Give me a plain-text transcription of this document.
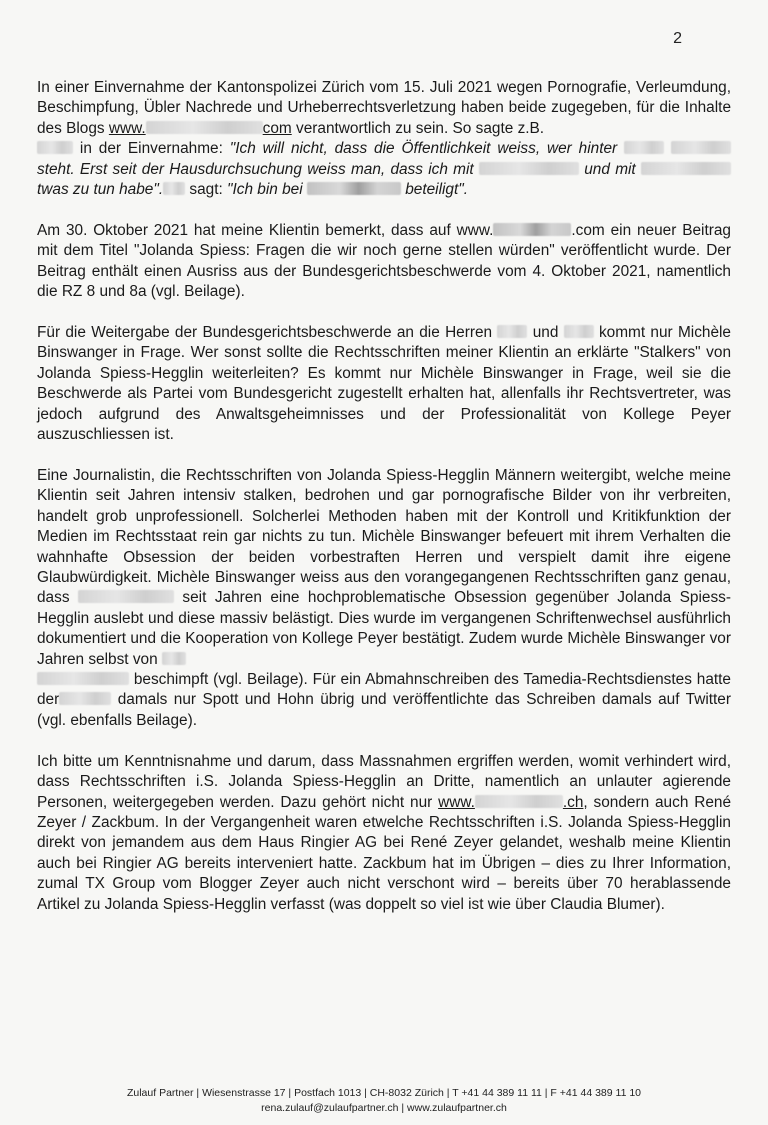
2

In einer Einvernahme der Kantonspolizei Zürich vom 15. Juli 2021 wegen Pornografie, Verleumdung, Beschimpfung, Übler Nachrede und Urheberrechtsverletzung haben beide zugegeben, für die Inhalte des Blogs www.	com verantwortlich zu sein. So sagte z.B.
in der Einvernahme: "Ich will nicht, dass die Öffentlichkeit weiss, wer hinter   steht. Erst seit der Hausdurchsuchung weiss man, dass ich mit	und mit twas zu tun habe". sagt: "Ich bin bei	beteiligt".

Am 30. Oktober 2021 hat meine Klientin bemerkt, dass auf www.	.com ein neuer Beitrag mit dem Titel "Jolanda Spiess: Fragen die wir noch gerne stellen würden" veröffentlicht wurde. Der Beitrag enthält einen Ausriss aus der Bundesgerichtsbeschwerde vom 4. Oktober 2021, namentlich die RZ 8 und 8a (vgl. Beilage).

Für die Weitergabe der Bundesgerichtsbeschwerde an die Herren  und  kommt nur Michèle Binswanger in Frage. Wer sonst sollte die Rechtsschriften meiner Klientin an erklärte "Stalkers" von Jolanda Spiess-Hegglin weiterleiten? Es kommt nur Michèle Binswanger in Frage, weil sie die Beschwerde als Partei vom Bundesgericht zugestellt erhalten hat, allenfalls ihr Rechtsvertreter, was jedoch aufgrund des Anwaltsgeheimnisses und der Professionalität von Kollege Peyer auszuschliessen ist.

Eine Journalistin, die Rechtsschriften von Jolanda Spiess-Hegglin Männern weitergibt, welche meine Klientin seit Jahren intensiv stalken, bedrohen und gar pornografische Bilder von ihr verbreiten, handelt grob unprofessionell. Solcherlei Methoden haben mit der Kontroll und Kritikfunktion der Medien im Rechtsstaat rein gar nichts zu tun. Michèle Binswanger befeuert mit ihrem Verhalten die wahnhafte Obsession der beiden vorbestraften Herren und verspielt damit ihre eigene Glaubwürdigkeit. Michèle Binswanger weiss aus den vorangegangenen Rechtsschriften ganz genau, dass	seit Jahren eine hochproblematische Obsession gegenüber Jolanda Spiess-Hegglin auslebt und diese massiv belästigt. Dies wurde im vergangenen Schriftenwechsel ausführlich dokumentiert und die Kooperation von Kollege Peyer bestätigt. Zudem wurde Michèle Binswanger vor Jahren selbst von
beschimpft (vgl. Beilage). Für ein Abmahnschreiben des Tamedia-Rechtsdienstes hatte der	damals nur Spott und Hohn übrig und veröffentlichte das Schreiben damals auf Twitter (vgl. ebenfalls Beilage).

Ich bitte um Kenntnisnahme und darum, dass Massnahmen ergriffen werden, womit verhindert wird, dass Rechtsschriften i.S. Jolanda Spiess-Hegglin an Dritte, namentlich an unlauter agierende Personen, weitergegeben werden. Dazu gehört nicht nur www.	.ch, sondern auch René Zeyer / Zackbum. In der Vergangenheit waren etwelche Rechtsschriften i.S. Jolanda Spiess-Hegglin direkt von jemandem aus dem Haus Ringier AG bei René Zeyer gelandet, weshalb meine Klientin auch bei Ringier AG bereits interveniert hatte. Zackbum hat im Übrigen – dies zu Ihrer Information, zumal TX Group vom Blogger Zeyer auch nicht verschont wird – bereits über 70 herablassende Artikel zu Jolanda Spiess-Hegglin verfasst (was doppelt so viel ist wie über Claudia Blumer).

Zulauf Partner | Wiesenstrasse 17 | Postfach 1013 | CH-8032 Zürich | T +41 44 389 11 11 | F +41 44 389 11 10
rena.zulauf@zulaufpartner.ch | www.zulaufpartner.ch
